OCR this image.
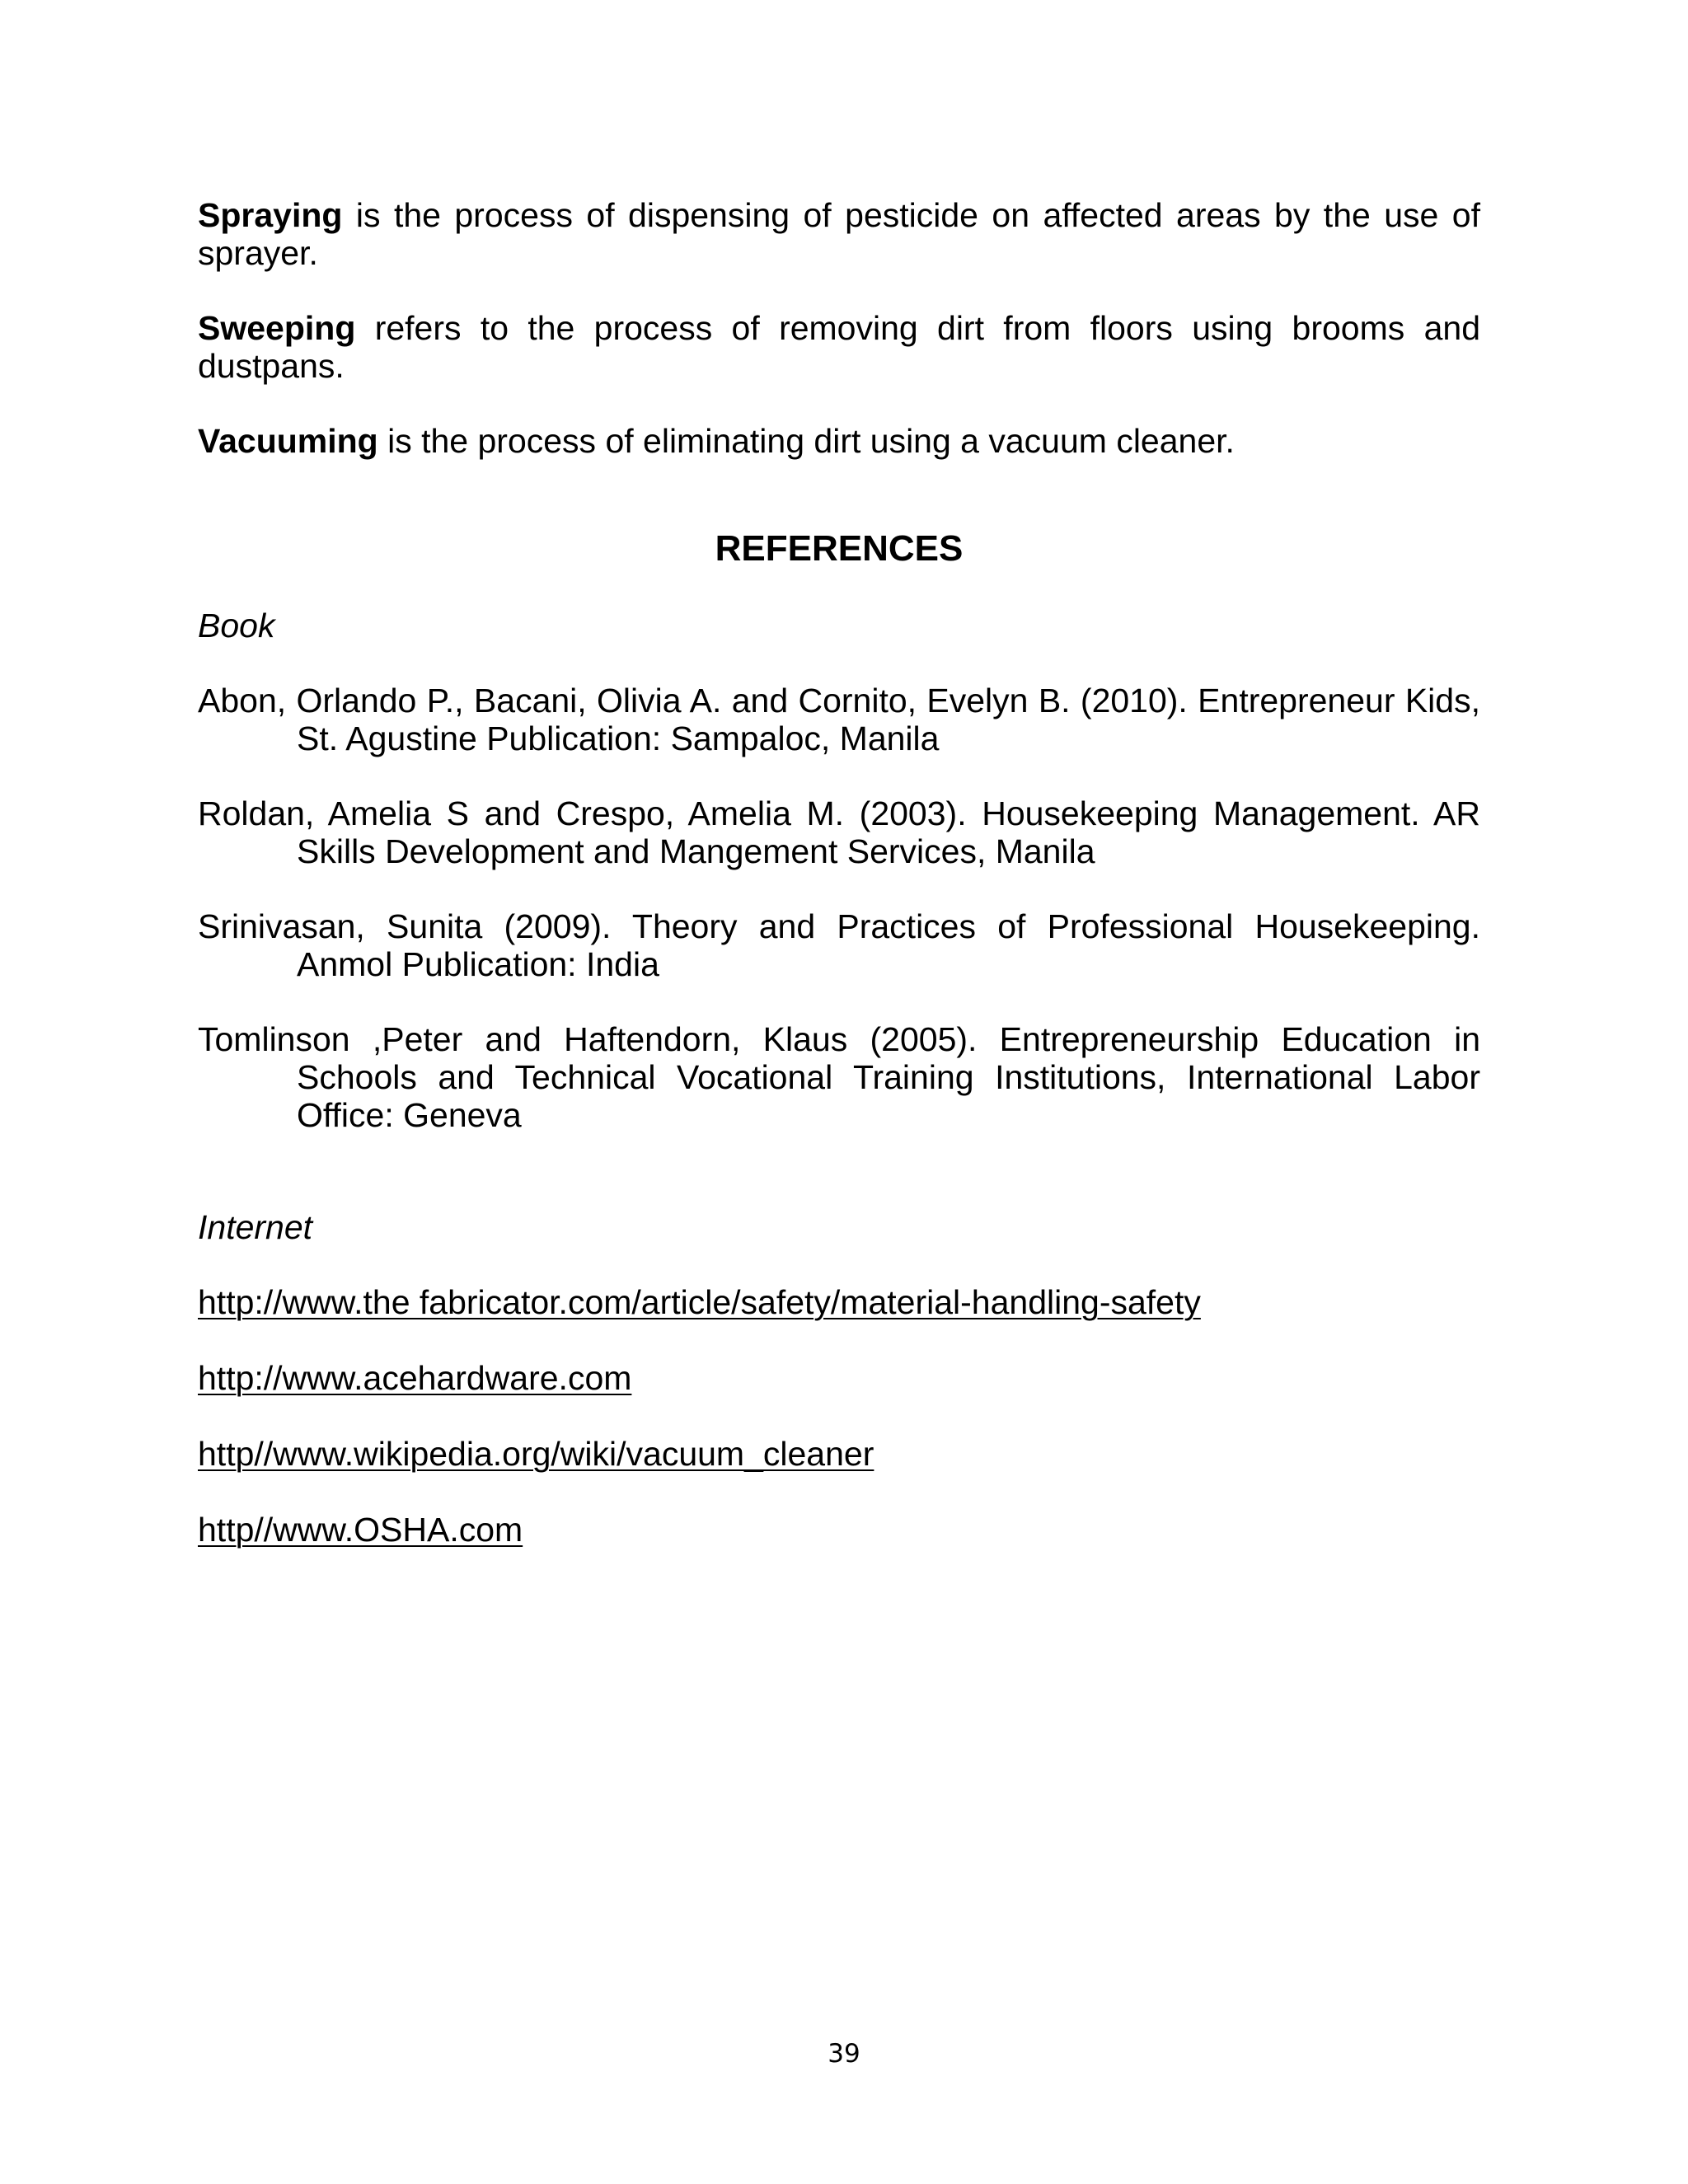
Spraying is the process of dispensing of pesticide on affected areas by the use of sprayer.

Sweeping refers to the process of removing dirt from floors using brooms and dustpans.

Vacuuming is the process of eliminating dirt using a vacuum cleaner.

REFERENCES
Book

Abon, Orlando P., Bacani, Olivia A. and Cornito, Evelyn B. (2010). Entrepreneur Kids, St. Agustine Publication: Sampaloc, Manila

Roldan, Amelia S and Crespo, Amelia M. (2003). Housekeeping Management. AR Skills Development and Mangement Services, Manila

Srinivasan, Sunita (2009). Theory and Practices of Professional Housekeeping. Anmol Publication: India

Tomlinson ,Peter and Haftendorn, Klaus (2005). Entrepreneurship Education in Schools and Technical Vocational Training Institutions, International Labor Office: Geneva

Internet
http://www.the fabricator.com/article/safety/material-handling-safety
http://www.acehardware.com
http//www.wikipedia.org/wiki/vacuum_cleaner
http//www.OSHA.com
39
